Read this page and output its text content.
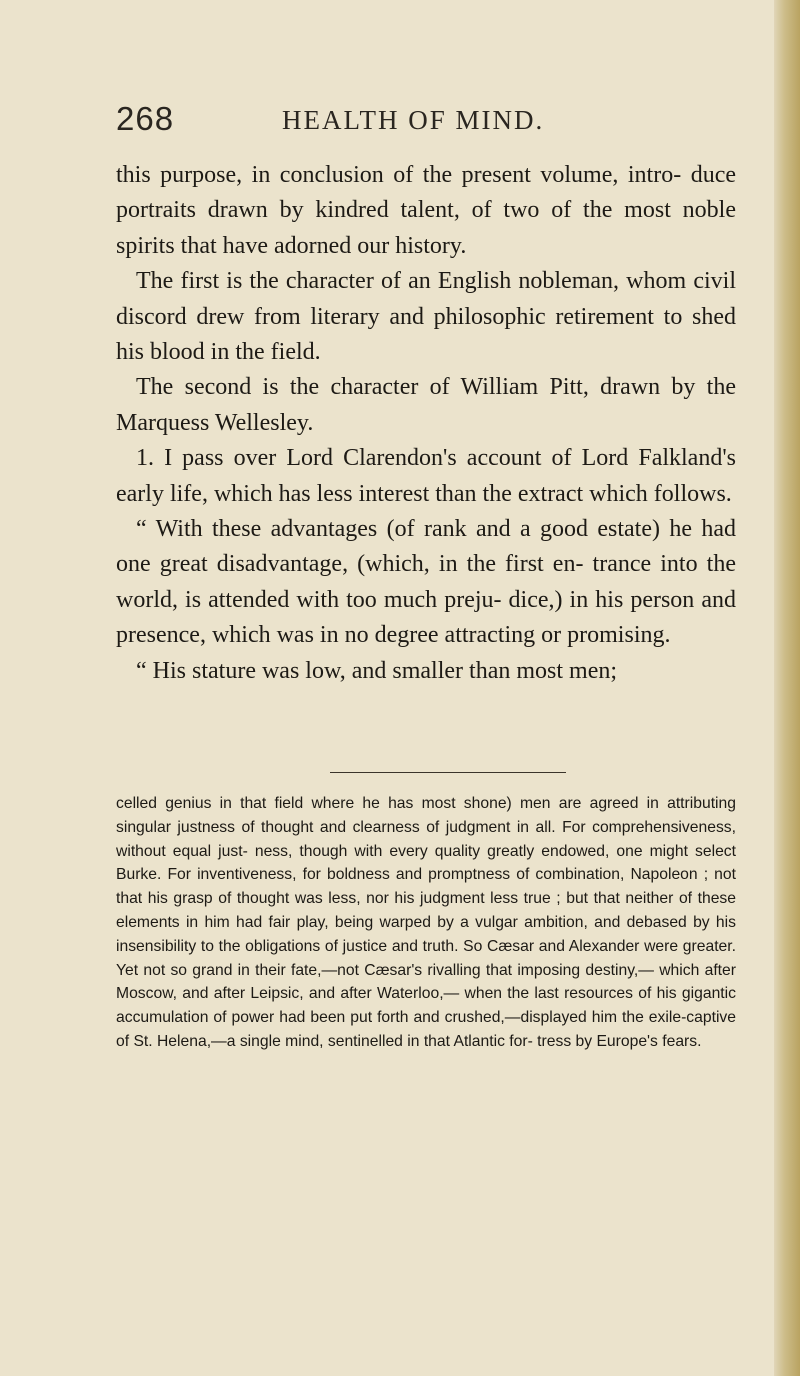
268	HEALTH OF MIND.

this purpose, in conclusion of the present volume, intro- duce portraits drawn by kindred talent, of two of the most noble spirits that have adorned our history.

The first is the character of an English nobleman, whom civil discord drew from literary and philosophic retirement to shed his blood in the field.

The second is the character of William Pitt, drawn by the Marquess Wellesley.

1. I pass over Lord Clarendon's account of Lord Falkland's early life, which has less interest than the extract which follows.

“ With these advantages (of rank and a good estate) he had one great disadvantage, (which, in the first en- trance into the world, is attended with too much preju- dice,) in his person and presence, which was in no degree attracting or promising.

“ His stature was low, and smaller than most men;

celled genius in that field where he has most shone) men are agreed in attributing singular justness of thought and clearness of judgment in all. For comprehensiveness, without equal just- ness, though with every quality greatly endowed, one might select Burke. For inventiveness, for boldness and promptness of combination, Napoleon ; not that his grasp of thought was less, nor his judgment less true ; but that neither of these elements in him had fair play, being warped by a vulgar ambition, and debased by his insensibility to the obligations of justice and truth. So Cæsar and Alexander were greater. Yet not so grand in their fate,—not Cæsar's rivalling that imposing destiny,— which after Moscow, and after Leipsic, and after Waterloo,— when the last resources of his gigantic accumulation of power had been put forth and crushed,—displayed him the exile-captive of St. Helena,—a single mind, sentinelled in that Atlantic for- tress by Europe's fears.
